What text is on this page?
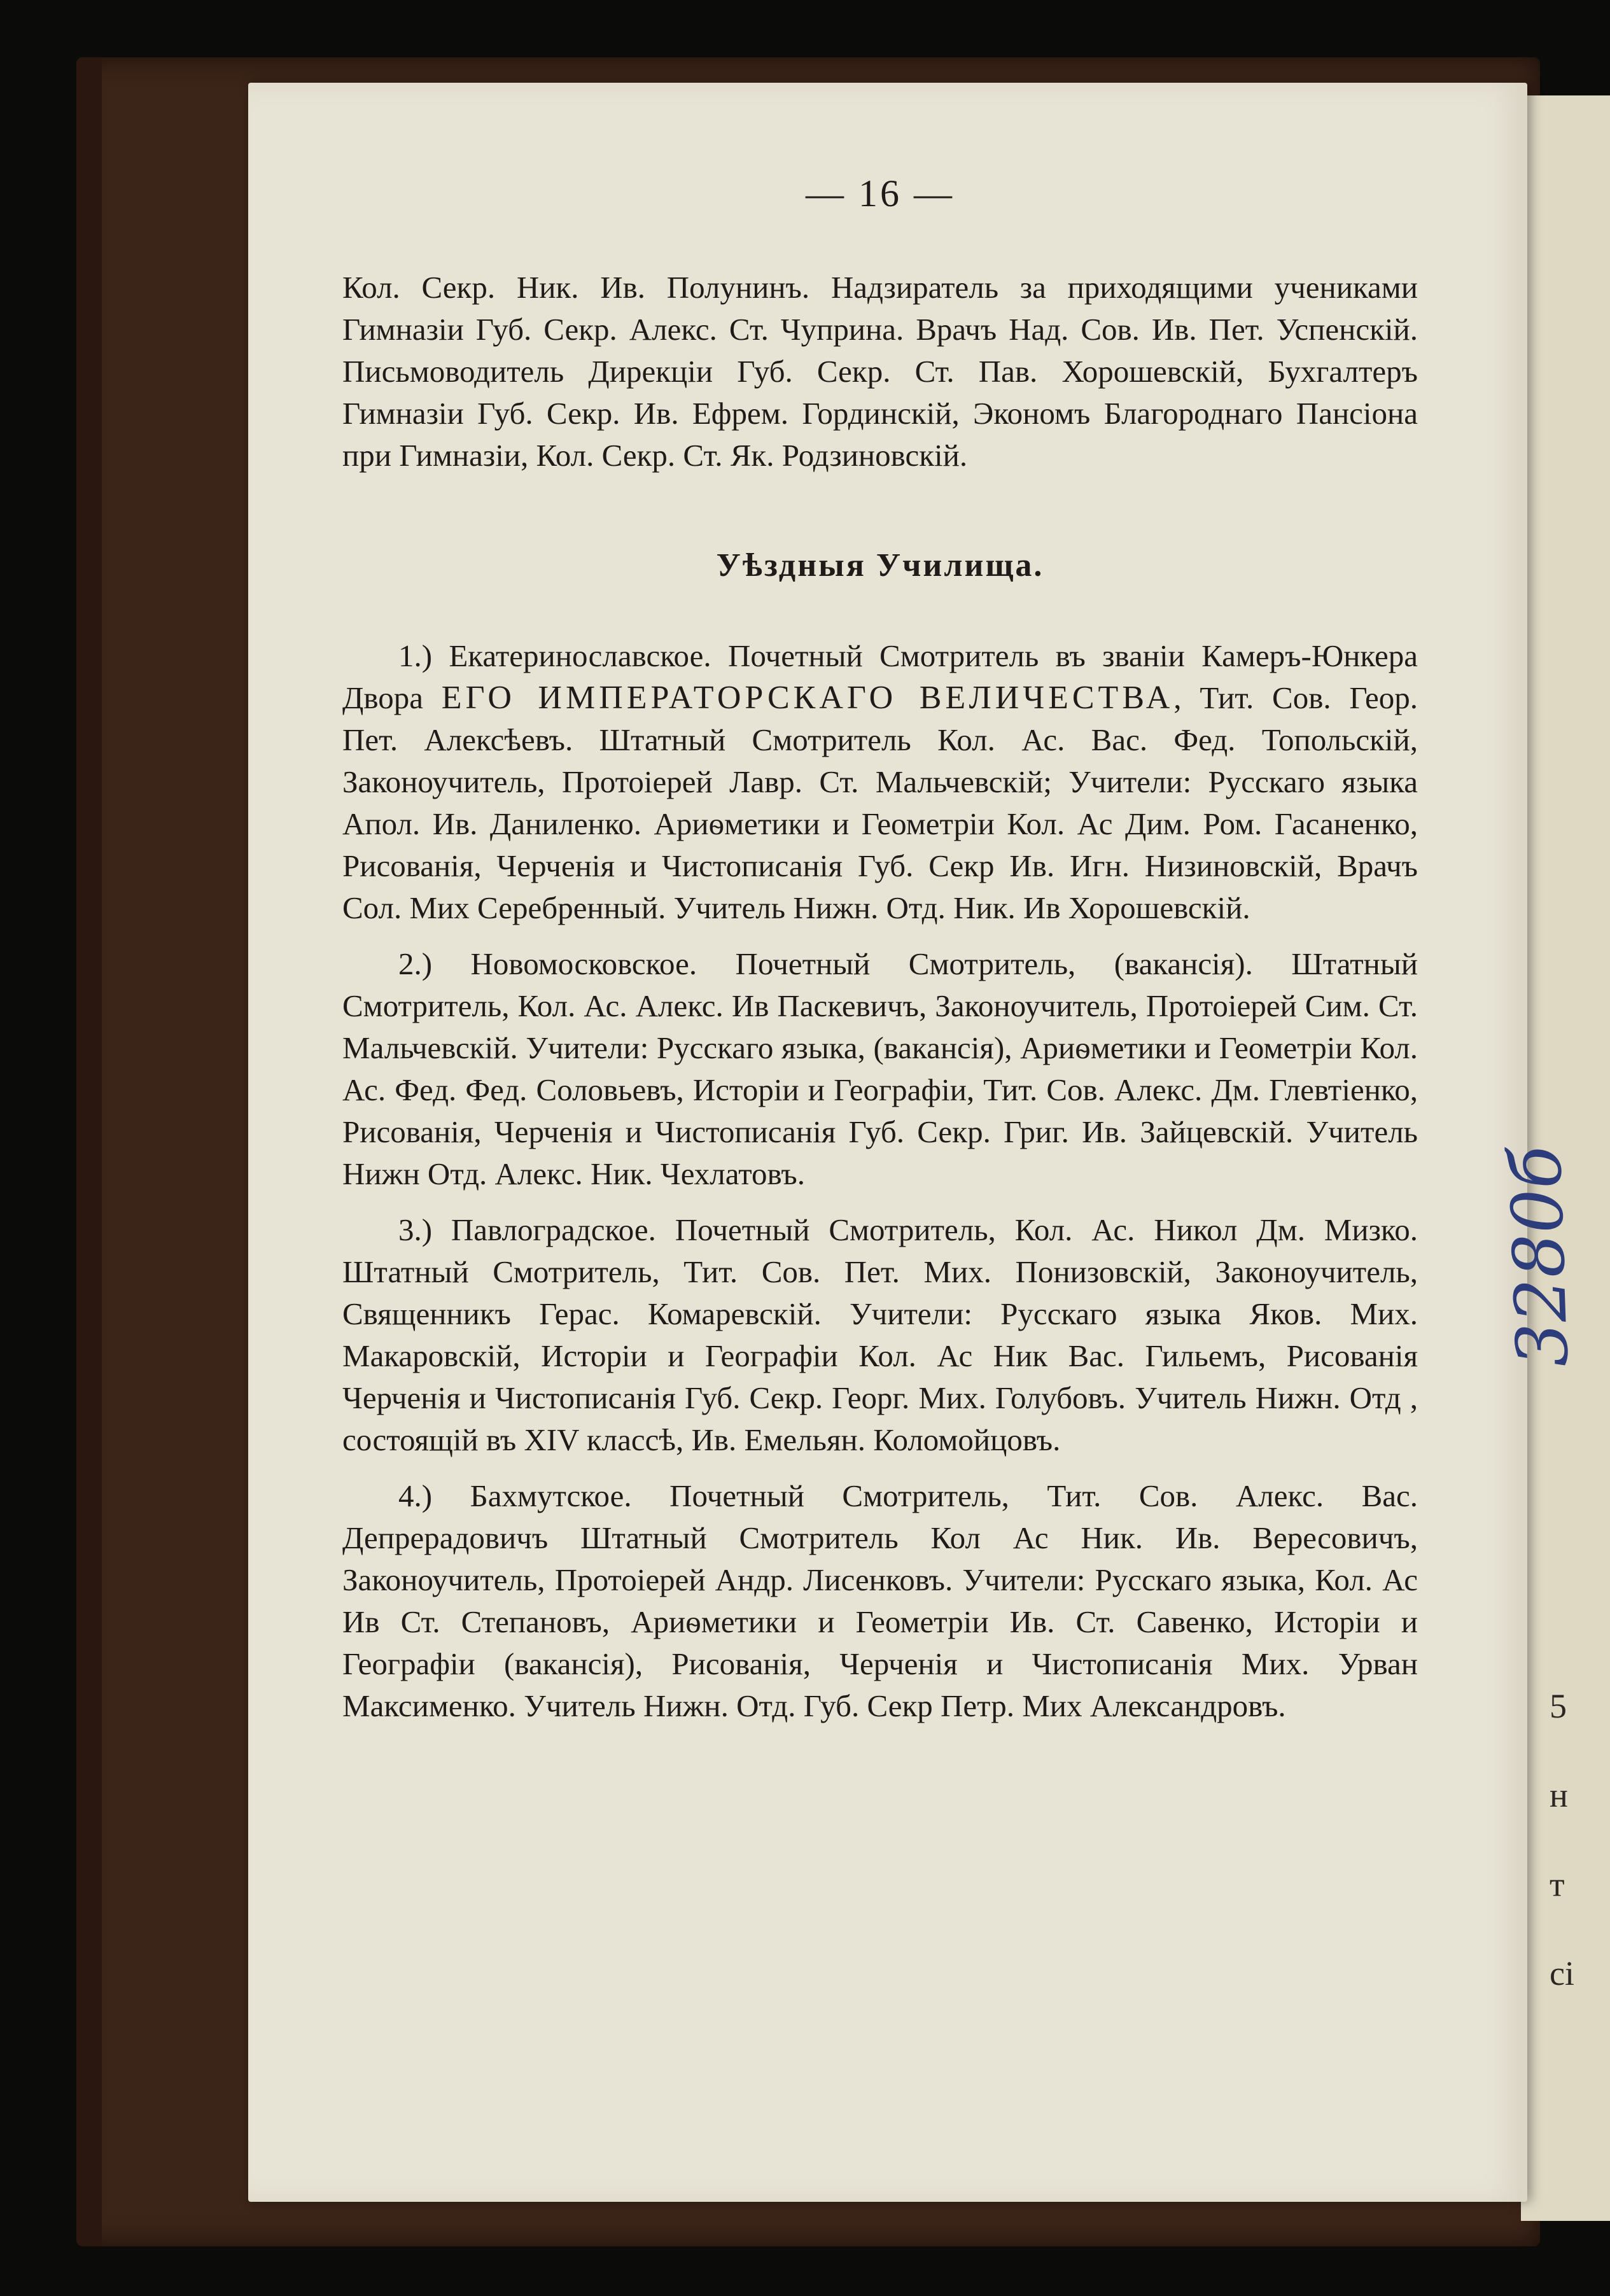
5
н
т
сі
— 16 —

Кол. Секр. Ник. Ив. Полунинъ. Надзиратель за приходящими учениками Гимназіи Губ. Секр. Алекс. Ст. Чуприна. Врачъ Над. Сов. Ив. Пет. Успенскій. Письмоводитель Дирекціи Губ. Секр. Ст. Пав. Хорошевскій, Бухгалтеръ Гимназіи Губ. Секр. Ив. Ефрем. Гординскій, Экономъ Благороднаго Пансіона при Гимназіи, Кол. Секр. Ст. Як. Родзиновскій.

Уѣздныя Училища.

1.) Екатеринославское. Почетный Смотритель въ званіи Камеръ-Юнкера Двора ЕГО ИМПЕРАТОРСКАГО ВЕЛИЧЕСТВА, Тит. Сов. Геор. Пет. Алексѣевъ. Штатный Смотритель Кол. Ас. Вас. Фед. Топольскій, Законоучитель, Протоіерей Лавр. Ст. Мальчевскій; Учители: Русскаго языка Апол. Ив. Даниленко. Ариѳметики и Геометріи Кол. Ас Дим. Ром. Гасаненко, Рисованія, Черченія и Чистописанія Губ. Секр Ив. Игн. Низиновскій, Врачъ Сол. Мих Серебренный. Учитель Нижн. Отд. Ник. Ив Хорошевскій.

2.) Новомосковское. Почетный Смотритель, (вакансія). Штатный Смотритель, Кол. Ас. Алекс. Ив Паскевичъ, Законоучитель, Протоіерей Сим. Ст. Мальчевскій. Учители: Русскаго языка, (вакансія), Ариѳметики и Геометріи Кол. Ас. Фед. Фед. Соловьевъ, Исторіи и Географіи, Тит. Сов. Алекс. Дм. Глевтіенко, Рисованія, Черченія и Чистописанія Губ. Секр. Григ. Ив. Зайцевскій. Учитель Нижн Отд. Алекс. Ник. Чехлатовъ.

3.) Павлоградское. Почетный Смотритель, Кол. Ас. Никол Дм. Мизко. Штатный Смотритель, Тит. Сов. Пет. Мих. Понизовскій, Законоучитель, Священникъ Герас. Комаревскій. Учители: Русскаго языка Яков. Мих. Макаровскій, Исторіи и Географіи Кол. Ас Ник Вас. Гильемъ, Рисованія Черченія и Чистописанія Губ. Секр. Георг. Мих. Голубовъ. Учитель Нижн. Отд , состоящій въ XIV классѣ, Ив. Емельян. Коломойцовъ.

4.) Бахмутское. Почетный Смотритель, Тит. Сов. Алекс. Вас. Депрерадовичъ Штатный Смотритель Кол Ас Ник. Ив. Вересовичъ, Законоучитель, Протоіерей Андр. Лисенковъ. Учители: Русскаго языка, Кол. Ас Ив Ст. Степановъ, Ариѳметики и Геометріи Ив. Ст. Савенко, Исторіи и Географіи (вакансія), Рисованія, Черченія и Чистописанія Мих. Урван Максименко. Учитель Нижн. Отд. Губ. Секр Петр. Мих Александровъ.

3280б
